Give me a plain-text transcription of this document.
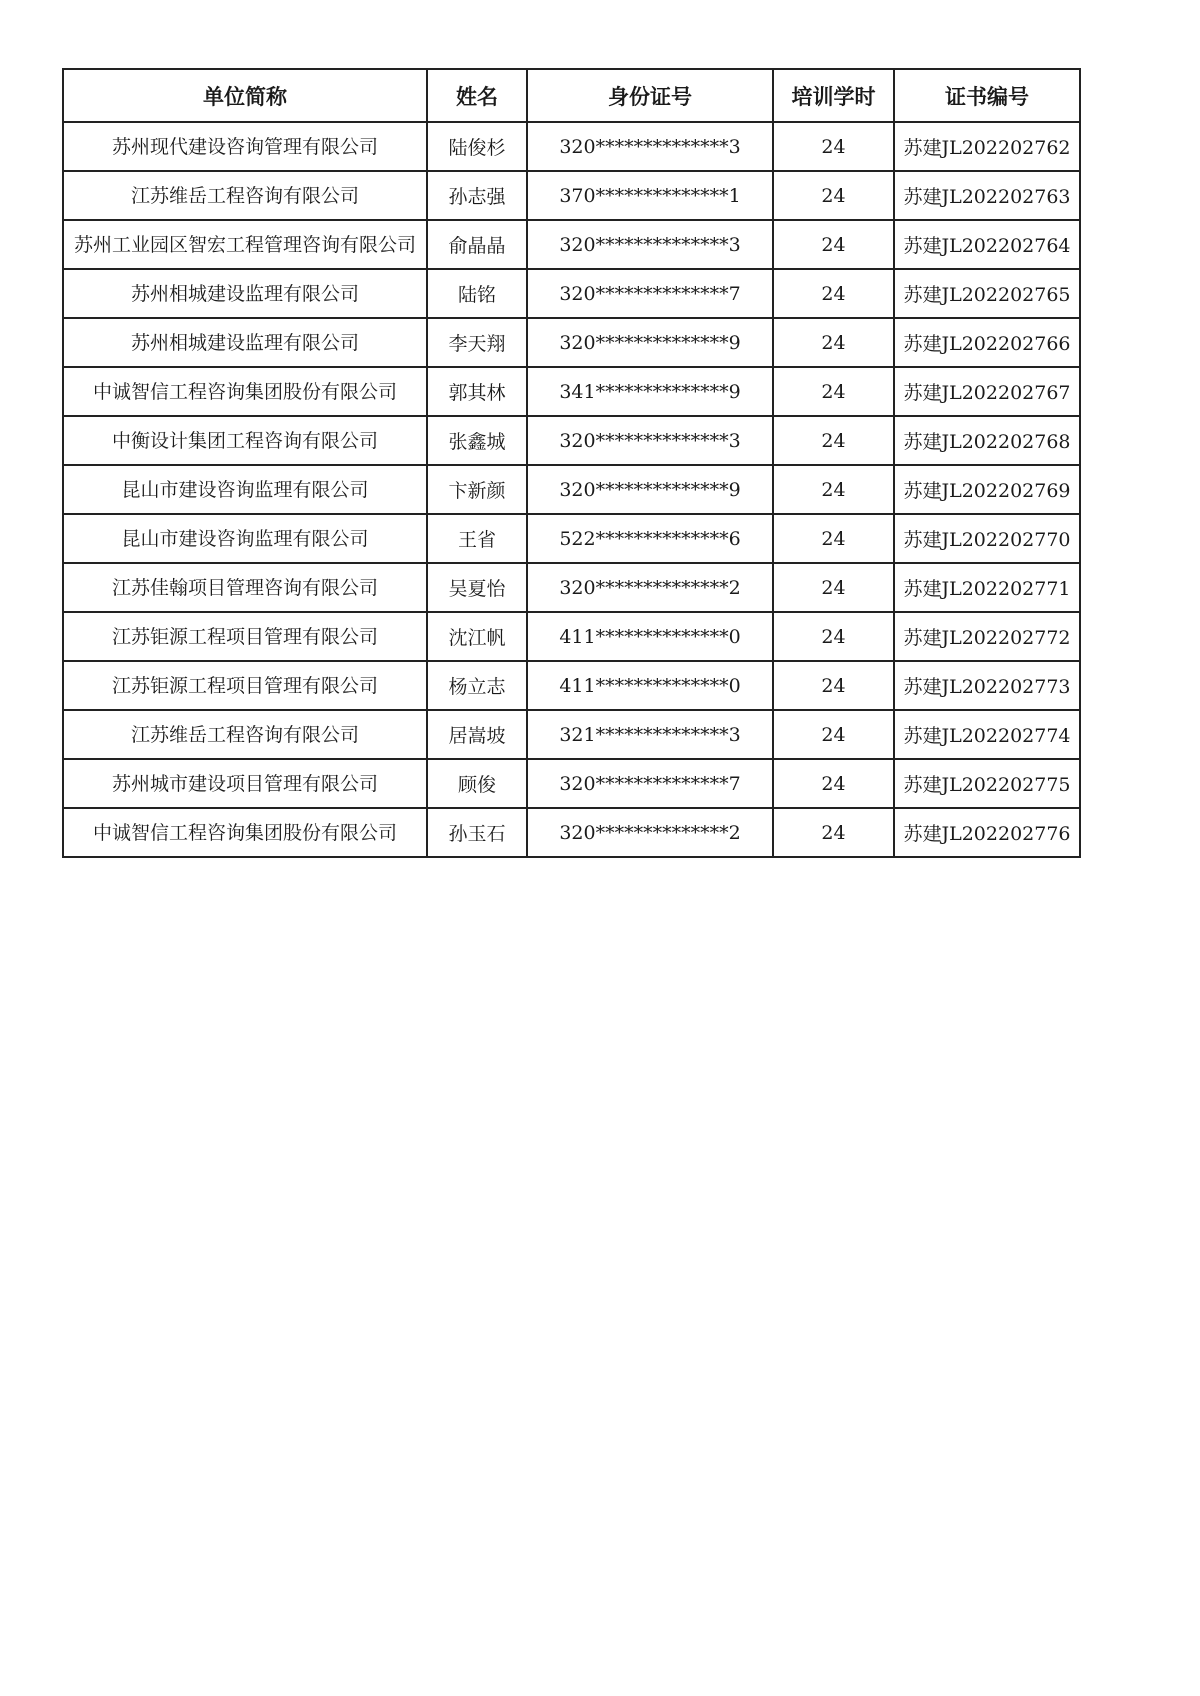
单位简称	姓名	身份证号	培训学时	证书编号
苏州现代建设咨询管理有限公司	陆俊杉	320**************3	24	苏建JL202202762
江苏维岳工程咨询有限公司	孙志强	370**************1	24	苏建JL202202763
苏州工业园区智宏工程管理咨询有限公司	俞晶晶	320**************3	24	苏建JL202202764
苏州相城建设监理有限公司	陆铭	320**************7	24	苏建JL202202765
苏州相城建设监理有限公司	李天翔	320**************9	24	苏建JL202202766
中诚智信工程咨询集团股份有限公司	郭其林	341**************9	24	苏建JL202202767
中衡设计集团工程咨询有限公司	张鑫城	320**************3	24	苏建JL202202768
昆山市建设咨询监理有限公司	卞新颜	320**************9	24	苏建JL202202769
昆山市建设咨询监理有限公司	王省	522**************6	24	苏建JL202202770
江苏佳翰项目管理咨询有限公司	吴夏怡	320**************2	24	苏建JL202202771
江苏钜源工程项目管理有限公司	沈江帆	411**************0	24	苏建JL202202772
江苏钜源工程项目管理有限公司	杨立志	411**************0	24	苏建JL202202773
江苏维岳工程咨询有限公司	居嵩坡	321**************3	24	苏建JL202202774
苏州城市建设项目管理有限公司	顾俊	320**************7	24	苏建JL202202775
中诚智信工程咨询集团股份有限公司	孙玉石	320**************2	24	苏建JL202202776
